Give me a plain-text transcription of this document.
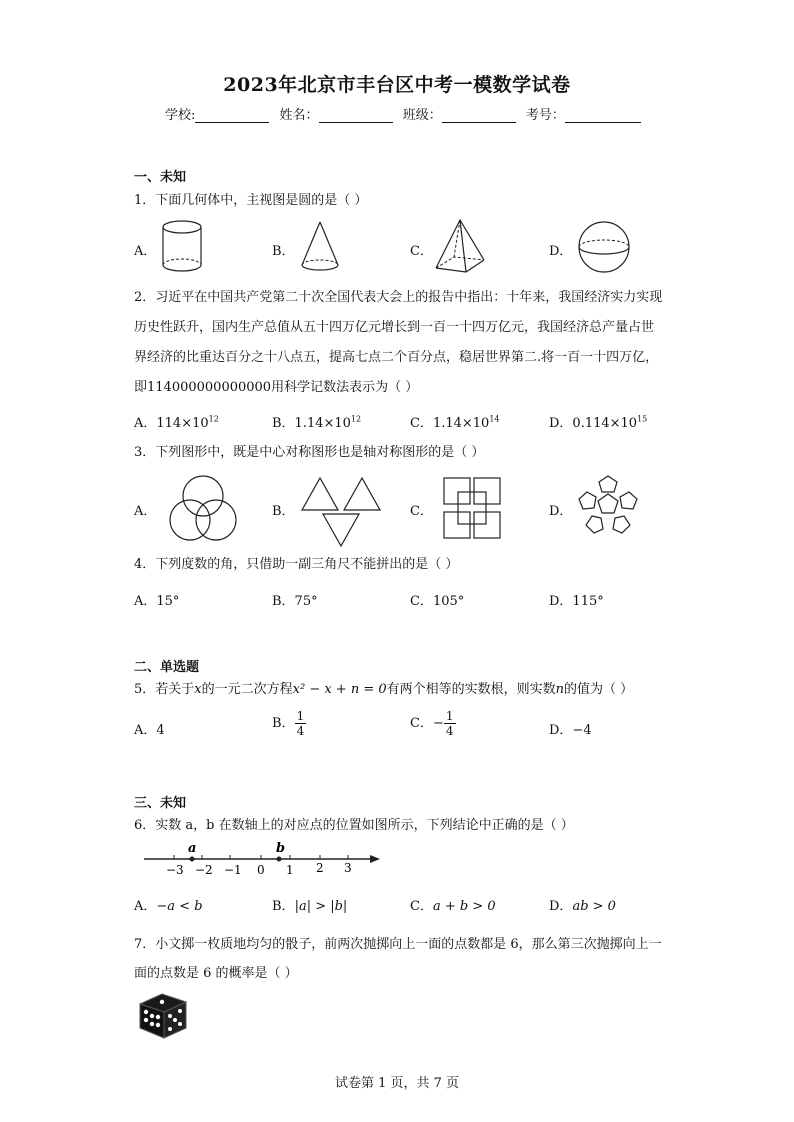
2023年北京市丰台区中考一模数学试卷
学校:	姓名：	班级：	考号：
一、未知
1．下面几何体中，主视图是圆的是（ ）
A．	B．	C．	D．
2．习近平在中国共产党第二十次全国代表大会上的报告中指出：十年来，我国经济实力实现历史性跃升，国内生产总值从五十四万亿元增长到一百一十四万亿元，我国经济总产量占世界经济的比重达百分之十八点五，提高七点二个百分点，稳居世界第二.将一百一十四万亿，即114000000000000用科学记数法表示为（ ）
A．$114\times 10^{12}$	B．$1.14\times 10^{12}$	C．$1.14\times 10^{14}$	D．$0.114\times 10^{15}$
3．下列图形中，既是中心对称图形也是轴对称图形的是（ ）
A．	B．	C．	D．
4．下列度数的角，只借助一副三角尺不能拼出的是（ ）
A．15°	B．75°	C．105°	D．115°
二、单选题
5．若关于x的一元二次方程x² − x + n = 0有两个相等的实数根，则实数n的值为（ ）
A．4	B． $\frac{1}{4}$	C．− $\frac{1}{4}$	D．−4
三、未知
6．实数 a，b 在数轴上的对应点的位置如图所示，下列结论中正确的是（ ）
a	b
−3 −2 −1 0 1 2 3
A．−a < b	B．|a| > |b|	C．a + b > 0	D．ab > 0
7．小文掷一枚质地均匀的骰子，前两次抛掷向上一面的点数都是 6，那么第三次抛掷向上一面的点数是 6 的概率是（ ）
试卷第 1 页，共 7 页
